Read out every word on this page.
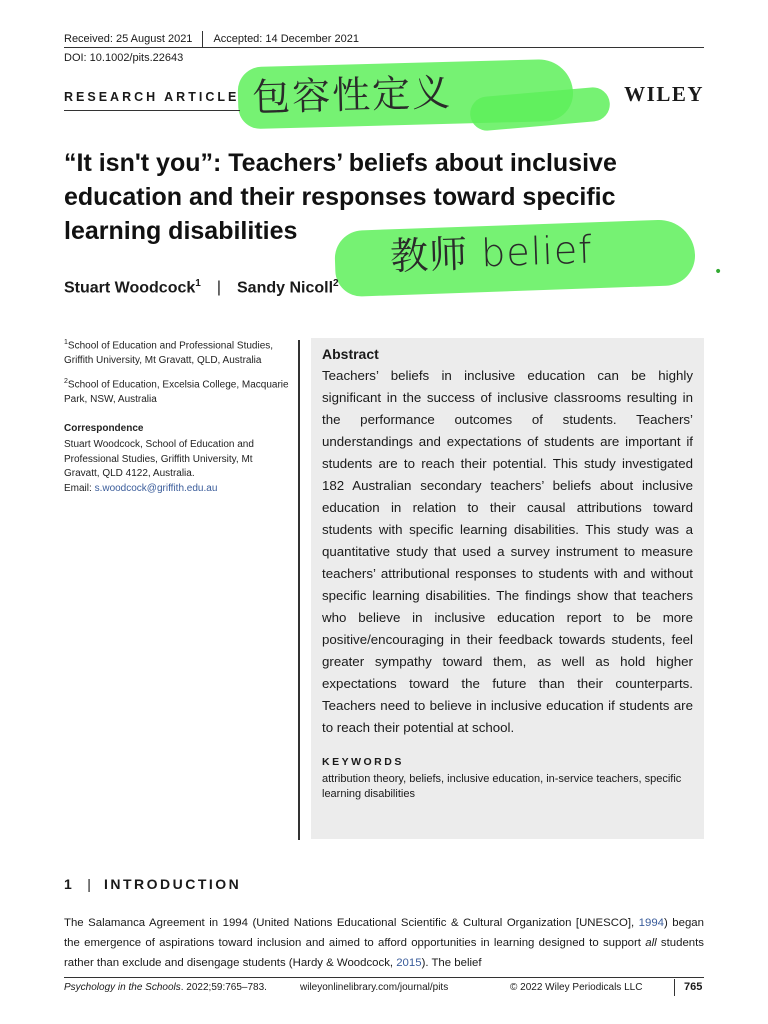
Received: 25 August 2021 Accepted: 14 December 2021
DOI: 10.1002/pits.22643
RESEARCH ARTICLE	WILEY
包容性定义
“It isn't you”: Teachers’ beliefs about inclusive education and their responses toward specific learning disabilities	教师 belief	•
Stuart Woodcock$^1$ | Sandy Nicoll$^2$

$^1$School of Education and Professional Studies, Griffith University, Mt Gravatt, QLD, Australia

$^2$School of Education, Excelsia College, Macquarie Park, NSW, Australia

Correspondence

Stuart Woodcock, School of Education and Professional Studies, Griffith University, Mt Gravatt, QLD 4122, Australia.
Email: s.woodcock@griffith.edu.au

Abstract
Teachers’ beliefs in inclusive education can be highly significant in the success of inclusive classrooms resulting in the performance outcomes of students. Teachers’ understandings and expectations of students are important if students are to reach their potential. This study investigated 182 Australian secondary teachers’ beliefs about inclusive education in relation to their causal attributions toward students with specific learning disabilities. This study was a quantitative study that used a survey instrument to measure teachers’ attributional responses to students with and without specific learning disabilities. The findings show that teachers who believe in inclusive education report to be more positive/encouraging in their feedback towards students, feel greater sympathy toward them, as well as hold higher expectations toward the future than their counterparts. Teachers need to believe in inclusive education if students are to reach their potential at school.
KEYWORDS
attribution theory, beliefs, inclusive education, in-service teachers, specific learning disabilities
1 | INTRODUCTION
The Salamanca Agreement in 1994 (United Nations Educational Scientific & Cultural Organization [UNESCO], 1994) began the emergence of aspirations toward inclusion and aimed to afford opportunities in learning designed to support all students rather than exclude and disengage students (Hardy & Woodcock, 2015). The belief
Psychology in the Schools. 2022;59:765–783.	wileyonlinelibrary.com/journal/pits	© 2022 Wiley Periodicals LLC	765
